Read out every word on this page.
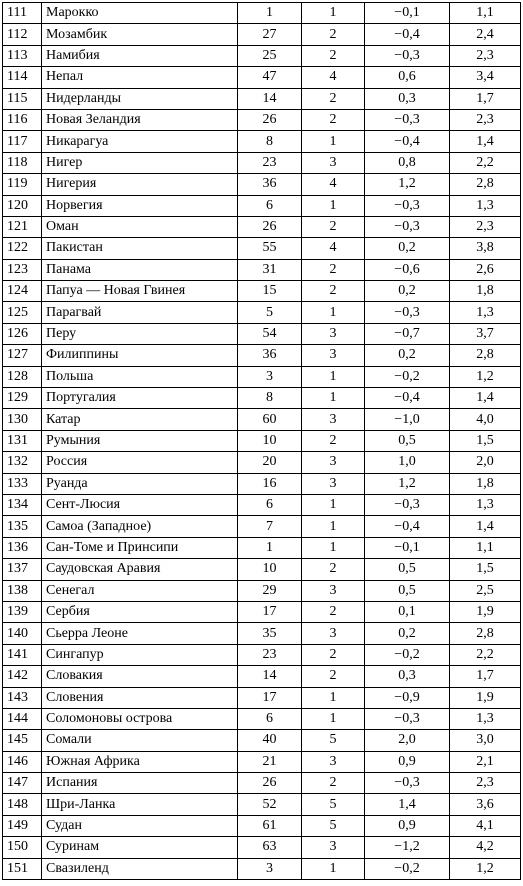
111	Марокко	1	1	−0,1	1,1
112	Мозамбик	27	2	−0,4	2,4
113	Намибия	25	2	−0,3	2,3
114	Непал	47	4	0,6	3,4
115	Нидерланды	14	2	0,3	1,7
116	Новая Зеландия	26	2	−0,3	2,3
117	Никарагуа	8	1	−0,4	1,4
118	Нигер	23	3	0,8	2,2
119	Нигерия	36	4	1,2	2,8
120	Норвегия	6	1	−0,3	1,3
121	Оман	26	2	−0,3	2,3
122	Пакистан	55	4	0,2	3,8
123	Панама	31	2	−0,6	2,6
124	Папуа — Новая Гвинея	15	2	0,2	1,8
125	Парагвай	5	1	−0,3	1,3
126	Перу	54	3	−0,7	3,7
127	Филиппины	36	3	0,2	2,8
128	Польша	3	1	−0,2	1,2
129	Португалия	8	1	−0,4	1,4
130	Катар	60	3	−1,0	4,0
131	Румыния	10	2	0,5	1,5
132	Россия	20	3	1,0	2,0
133	Руанда	16	3	1,2	1,8
134	Сент-Люсия	6	1	−0,3	1,3
135	Самоа (Западное)	7	1	−0,4	1,4
136	Сан-Томе и Принсипи	1	1	−0,1	1,1
137	Саудовская Аравия	10	2	0,5	1,5
138	Сенегал	29	3	0,5	2,5
139	Сербия	17	2	0,1	1,9
140	Сьерра Леоне	35	3	0,2	2,8
141	Сингапур	23	2	−0,2	2,2
142	Словакия	14	2	0,3	1,7
143	Словения	17	1	−0,9	1,9
144	Соломоновы острова	6	1	−0,3	1,3
145	Сомали	40	5	2,0	3,0
146	Южная Африка	21	3	0,9	2,1
147	Испания	26	2	−0,3	2,3
148	Шри-Ланка	52	5	1,4	3,6
149	Судан	61	5	0,9	4,1
150	Суринам	63	3	−1,2	4,2
151	Свазиленд	3	1	−0,2	1,2
